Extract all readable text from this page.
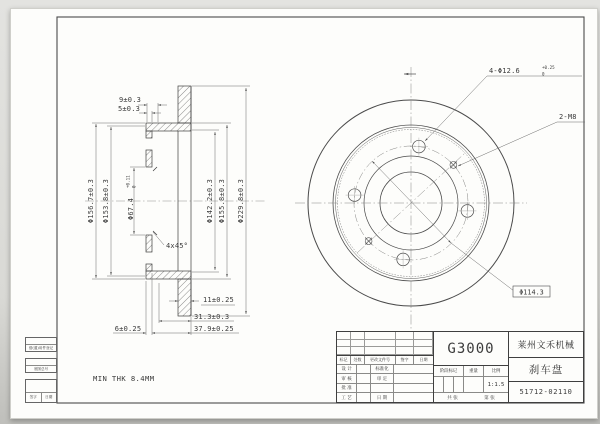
Φ156.7±0.3 Φ153.8±0.3 Φ67.4
+0.11 0	Φ142.2±0.3 Φ155.8±0.3 Φ229.8±0.3
9±0.3
5±0.3
11±0.25
31.3±0.3
37.9±0.25
6±0.25
4x45°
MIN THK 8.4MM
4-Φ12.6	+0.25
0
2-M8
Φ114.3
标记	处数	更改文件号	签字	日期
设 计	标准化
审 核	审 定
批 准
工 艺	日 期
G3000
阶段标记	重量	比例
1:1.5
共 张	第 张
莱州文禾机械
刹车盘
51712-02110
借(通)用件登记
底图总号
签字	日期
